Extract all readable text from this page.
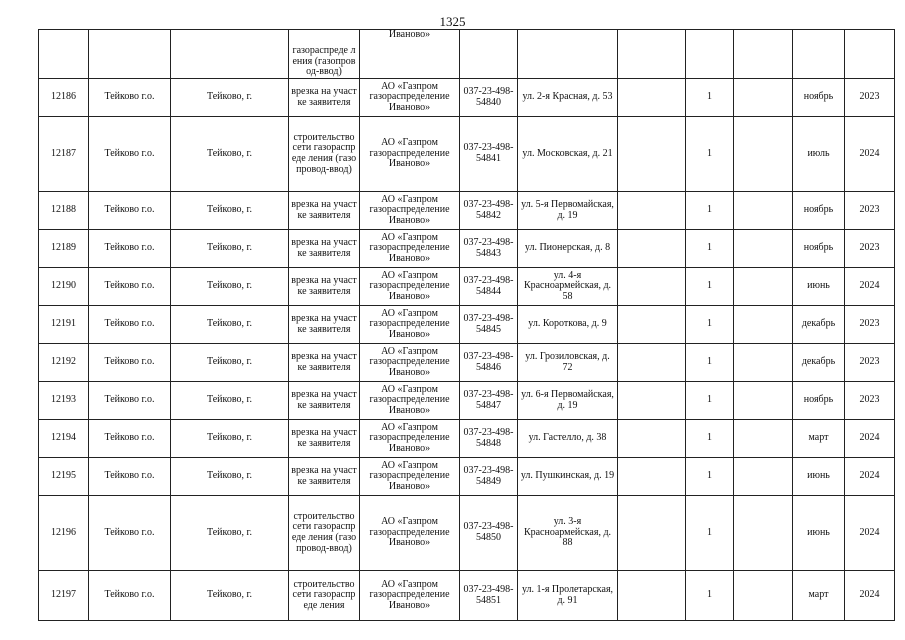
1325
			газораспреде ления (газопровод-ввод)	Иваново»							
12186	Тейково г.о.	Тейково, г.	врезка на участке заявителя	АО «Газпром газораспределение Иваново»	037-23-498-54840	ул. 2-я Красная, д. 53		1		ноябрь	2023
12187	Тейково г.о.	Тейково, г.	строительство сети газораспреде ления (газопровод-ввод)	АО «Газпром газораспределение Иваново»	037-23-498-54841	ул. Московская, д. 21		1		июль	2024
12188	Тейково г.о.	Тейково, г.	врезка на участке заявителя	АО «Газпром газораспределение Иваново»	037-23-498-54842	ул. 5-я Первомайская, д. 19		1		ноябрь	2023
12189	Тейково г.о.	Тейково, г.	врезка на участке заявителя	АО «Газпром газораспределение Иваново»	037-23-498-54843	ул. Пионерская, д. 8		1		ноябрь	2023
12190	Тейково г.о.	Тейково, г.	врезка на участке заявителя	АО «Газпром газораспределение Иваново»	037-23-498-54844	ул. 4-я Красноармейская, д. 58		1		июнь	2024
12191	Тейково г.о.	Тейково, г.	врезка на участке заявителя	АО «Газпром газораспределение Иваново»	037-23-498-54845	ул. Короткова, д. 9		1		декабрь	2023
12192	Тейково г.о.	Тейково, г.	врезка на участке заявителя	АО «Газпром газораспределение Иваново»	037-23-498-54846	ул. Грозиловская, д. 72		1		декабрь	2023
12193	Тейково г.о.	Тейково, г.	врезка на участке заявителя	АО «Газпром газораспределение Иваново»	037-23-498-54847	ул. 6-я Первомайская, д. 19		1		ноябрь	2023
12194	Тейково г.о.	Тейково, г.	врезка на участке заявителя	АО «Газпром газораспределение Иваново»	037-23-498-54848	ул. Гастелло, д. 38		1		март	2024
12195	Тейково г.о.	Тейково, г.	врезка на участке заявителя	АО «Газпром газораспределение Иваново»	037-23-498-54849	ул. Пушкинская, д. 19		1		июнь	2024
12196	Тейково г.о.	Тейково, г.	строительство сети газораспреде ления (газопровод-ввод)	АО «Газпром газораспределение Иваново»	037-23-498-54850	ул. 3-я Красноармейская, д. 88		1		июнь	2024
12197	Тейково г.о.	Тейково, г.	строительство сети газораспреде ления	АО «Газпром газораспределение Иваново»	037-23-498-54851	ул. 1-я Пролетарская, д. 91		1		март	2024
